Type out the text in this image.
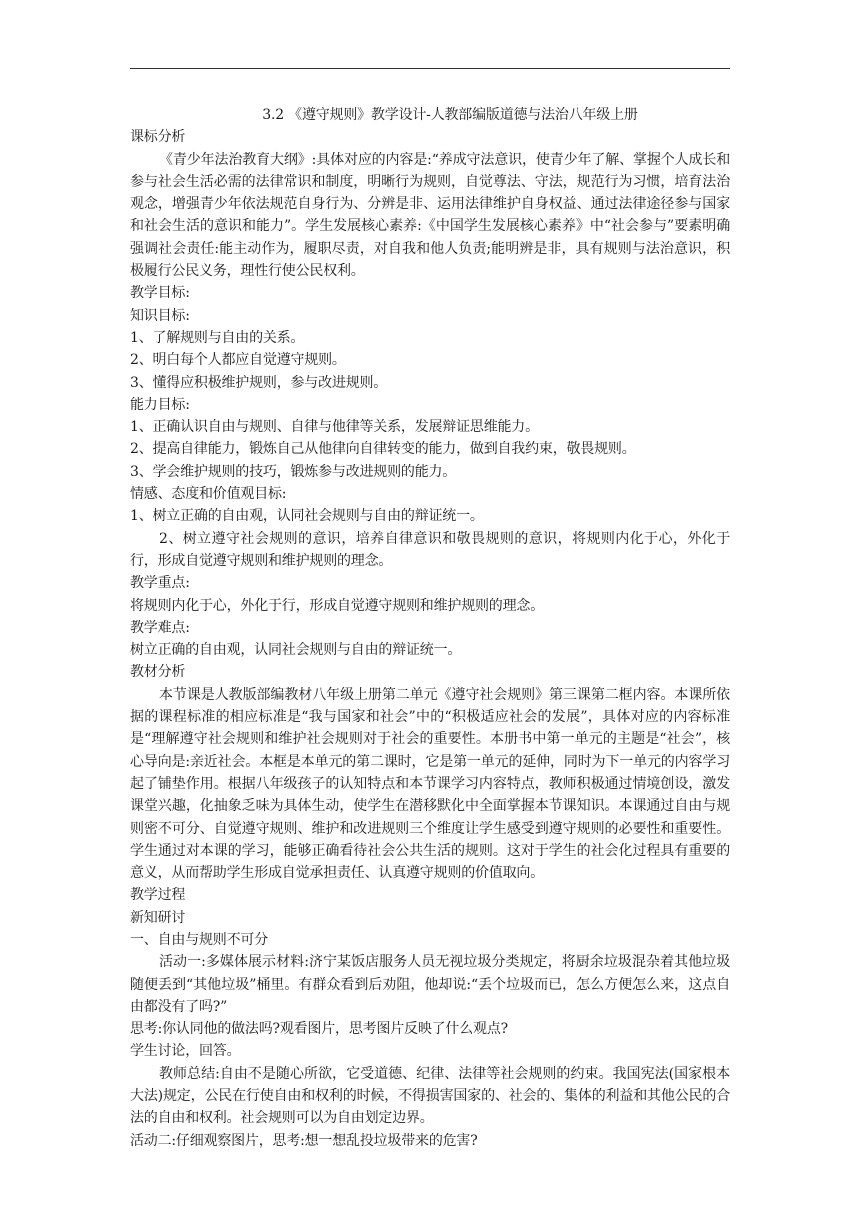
3.2 《遵守规则》教学设计-人教部编版道德与法治八年级上册

课标分析

《青少年法治教育大纲》:具体对应的内容是:“养成守法意识，使青少年了解、掌握个人成长和参与社会生活必需的法律常识和制度，明晰行为规则，自觉尊法、守法，规范行为习惯，培育法治观念，增强青少年依法规范自身行为、分辨是非、运用法律维护自身权益、通过法律途径参与国家和社会生活的意识和能力”。学生发展核心素养:《中国学生发展核心素养》中“社会参与”要素明确强调社会责任:能主动作为，履职尽责，对自我和他人负责;能明辨是非，具有规则与法治意识，积极履行公民义务，理性行使公民权利。

教学目标:

知识目标:

1、了解规则与自由的关系。

2、明白每个人都应自觉遵守规则。

3、懂得应积极维护规则，参与改进规则。

能力目标:

1、正确认识自由与规则、自律与他律等关系，发展辩证思维能力。

2、提高自律能力，锻炼自己从他律向自律转变的能力，做到自我约束，敬畏规则。

3、学会维护规则的技巧，锻炼参与改进规则的能力。

情感、态度和价值观目标:

1、树立正确的自由观，认同社会规则与自由的辩证统一。

2、树立遵守社会规则的意识，培养自律意识和敬畏规则的意识，将规则内化于心，外化于行，形成自觉遵守规则和维护规则的理念。

教学重点:

将规则内化于心，外化于行，形成自觉遵守规则和维护规则的理念。

教学难点:

树立正确的自由观，认同社会规则与自由的辩证统一。

教材分析

本节课是人教版部编教材八年级上册第二单元《遵守社会规则》第三课第二框内容。本课所依据的课程标准的相应标准是“我与国家和社会”中的“积极适应社会的发展”，具体对应的内容标准是“理解遵守社会规则和维护社会规则对于社会的重要性。本册书中第一单元的主题是“社会”，核心导向是:亲近社会。本框是本单元的第二课时，它是第一单元的延伸，同时为下一单元的内容学习起了铺垫作用。根据八年级孩子的认知特点和本节课学习内容特点，教师积极通过情境创设，激发课堂兴趣，化抽象乏味为具体生动，使学生在潜移默化中全面掌握本节课知识。本课通过自由与规则密不可分、自觉遵守规则、维护和改进规则三个维度让学生感受到遵守规则的必要性和重要性。学生通过对本课的学习，能够正确看待社会公共生活的规则。这对于学生的社会化过程具有重要的意义，从而帮助学生形成自觉承担责任、认真遵守规则的价值取向。

教学过程

新知研讨

一、自由与规则不可分

活动一:多媒体展示材料:济宁某饭店服务人员无视垃圾分类规定，将厨余垃圾混杂着其他垃圾随便丢到“其他垃圾”桶里。有群众看到后劝阻，他却说:“丢个垃圾而已，怎么方便怎么来，这点自由都没有了吗?”

思考:你认同他的做法吗?观看图片，思考图片反映了什么观点?

学生讨论，回答。

教师总结:自由不是随心所欲，它受道德、纪律、法律等社会规则的约束。我国宪法(国家根本大法)规定，公民在行使自由和权利的时候，不得损害国家的、社会的、集体的利益和其他公民的合法的自由和权利。社会规则可以为自由划定边界。

活动二:仔细观察图片，思考:想一想乱投垃圾带来的危害?
